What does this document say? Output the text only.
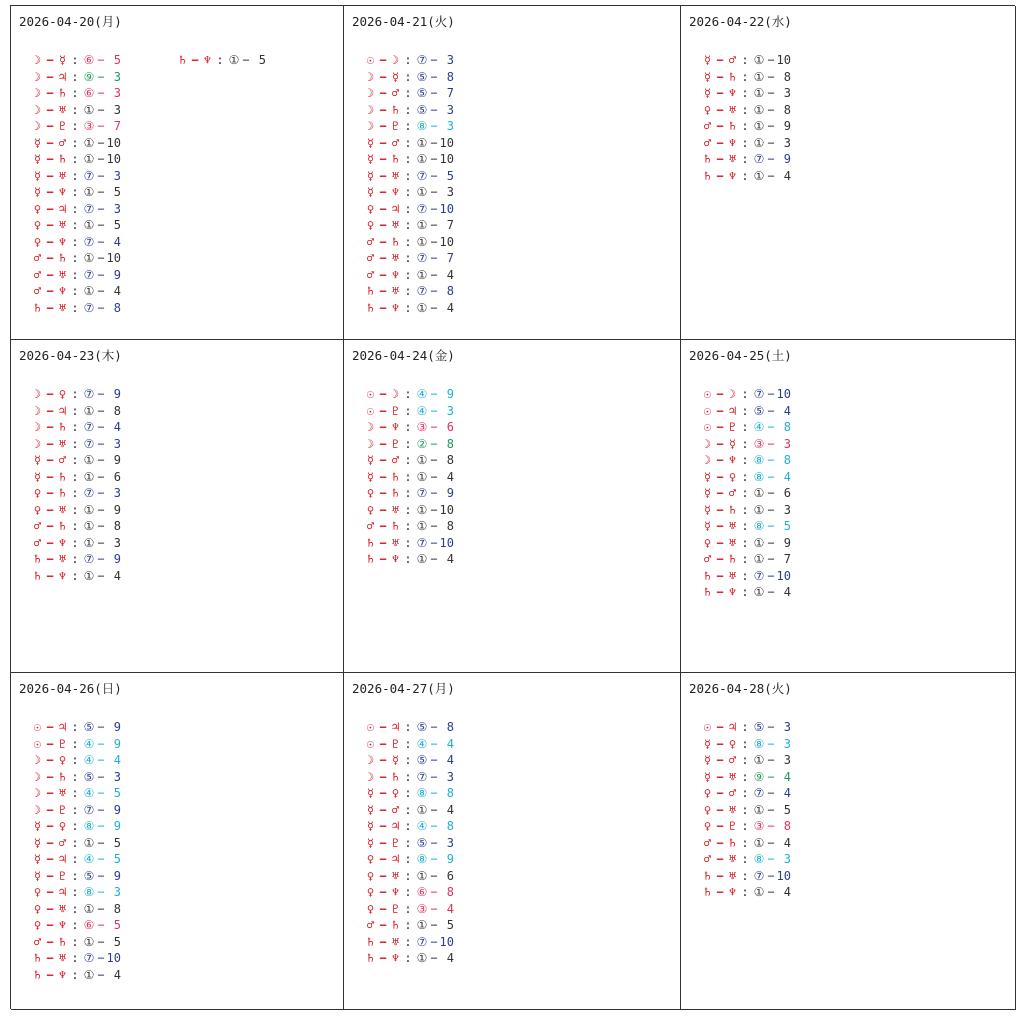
2026-04-20(月)
☽ − ☿ : ⑥ − 5
☽ − ♃ : ⑨ − 3
☽ − ♄ : ⑥ − 3
☽ − ♅ : ① − 3
☽ − ♇ : ③ − 7
☿ − ♂ : ① − 10
☿ − ♄ : ① − 10
☿ − ♅ : ⑦ − 3
☿ − ♆ : ① − 5
♀ − ♃ : ⑦ − 3
♀ − ♅ : ① − 5
♀ − ♆ : ⑦ − 4
♂ − ♄ : ① − 10
♂ − ♅ : ⑦ − 9
♂ − ♆ : ① − 4
♄ − ♅ : ⑦ − 8
♄ − ♆ : ① − 5
2026-04-21(火)
☉ − ☽ : ⑦ − 3
☽ − ☿ : ⑤ − 8
☽ − ♂ : ⑤ − 7
☽ − ♄ : ⑤ − 3
☽ − ♇ : ⑧ − 3
☿ − ♂ : ① − 10
☿ − ♄ : ① − 10
☿ − ♅ : ⑦ − 5
☿ − ♆ : ① − 3
♀ − ♃ : ⑦ − 10
♀ − ♅ : ① − 7
♂ − ♄ : ① − 10
♂ − ♅ : ⑦ − 7
♂ − ♆ : ① − 4
♄ − ♅ : ⑦ − 8
♄ − ♆ : ① − 4
2026-04-22(水)
☿ − ♂ : ① − 10
☿ − ♄ : ① − 8
☿ − ♆ : ① − 3
♀ − ♅ : ① − 8
♂ − ♄ : ① − 9
♂ − ♆ : ① − 3
♄ − ♅ : ⑦ − 9
♄ − ♆ : ① − 4
2026-04-23(木)
☽ − ♀ : ⑦ − 9
☽ − ♃ : ① − 8
☽ − ♄ : ⑦ − 4
☽ − ♅ : ⑦ − 3
☿ − ♂ : ① − 9
☿ − ♄ : ① − 6
♀ − ♄ : ⑦ − 3
♀ − ♅ : ① − 9
♂ − ♄ : ① − 8
♂ − ♆ : ① − 3
♄ − ♅ : ⑦ − 9
♄ − ♆ : ① − 4
2026-04-24(金)
☉ − ☽ : ④ − 9
☉ − ♇ : ④ − 3
☽ − ♆ : ③ − 6
☽ − ♇ : ② − 8
☿ − ♂ : ① − 8
☿ − ♄ : ① − 4
♀ − ♄ : ⑦ − 9
♀ − ♅ : ① − 10
♂ − ♄ : ① − 8
♄ − ♅ : ⑦ − 10
♄ − ♆ : ① − 4
2026-04-25(土)
☉ − ☽ : ⑦ − 10
☉ − ♃ : ⑤ − 4
☉ − ♇ : ④ − 8
☽ − ☿ : ③ − 3
☽ − ♆ : ⑧ − 8
☿ − ♀ : ⑧ − 4
☿ − ♂ : ① − 6
☿ − ♄ : ① − 3
☿ − ♅ : ⑧ − 5
♀ − ♅ : ① − 9
♂ − ♄ : ① − 7
♄ − ♅ : ⑦ − 10
♄ − ♆ : ① − 4
2026-04-26(日)
☉ − ♃ : ⑤ − 9
☉ − ♇ : ④ − 9
☽ − ♀ : ④ − 4
☽ − ♄ : ⑤ − 3
☽ − ♅ : ④ − 5
☽ − ♇ : ⑦ − 9
☿ − ♀ : ⑧ − 9
☿ − ♂ : ① − 5
☿ − ♃ : ④ − 5
☿ − ♇ : ⑤ − 9
♀ − ♃ : ⑧ − 3
♀ − ♅ : ① − 8
♀ − ♆ : ⑥ − 5
♂ − ♄ : ① − 5
♄ − ♅ : ⑦ − 10
♄ − ♆ : ① − 4
2026-04-27(月)
☉ − ♃ : ⑤ − 8
☉ − ♇ : ④ − 4
☽ − ☿ : ⑤ − 4
☽ − ♄ : ⑦ − 3
☿ − ♀ : ⑧ − 8
☿ − ♂ : ① − 4
☿ − ♃ : ④ − 8
☿ − ♇ : ⑤ − 3
♀ − ♃ : ⑧ − 9
♀ − ♅ : ① − 6
♀ − ♆ : ⑥ − 8
♀ − ♇ : ③ − 4
♂ − ♄ : ① − 5
♄ − ♅ : ⑦ − 10
♄ − ♆ : ① − 4
2026-04-28(火)
☉ − ♃ : ⑤ − 3
☿ − ♀ : ⑧ − 3
☿ − ♂ : ① − 3
☿ − ♅ : ⑨ − 4
♀ − ♂ : ⑦ − 4
♀ − ♅ : ① − 5
♀ − ♇ : ③ − 8
♂ − ♄ : ① − 4
♂ − ♅ : ⑧ − 3
♄ − ♅ : ⑦ − 10
♄ − ♆ : ① − 4
